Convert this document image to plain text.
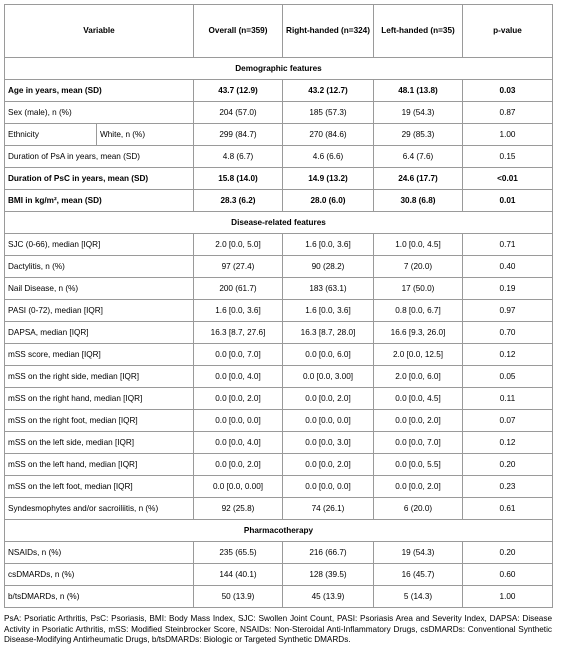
Variable		Overall (n=359)	Right-handed (n=324)	Left-handed (n=35)	p-value
Demographic features					
Age in years, mean (SD)		43.7 (12.9)	43.2 (12.7)	48.1 (13.8)	0.03
Sex (male), n (%)		204 (57.0)	185 (57.3)	19 (54.3)	0.87
Ethnicity	White, n (%)	299 (84.7)	270 (84.6)	29 (85.3)	1.00
Duration of PsA in years, mean (SD)		4.8 (6.7)	4.6 (6.6)	6.4 (7.6)	0.15
Duration of PsC in years, mean (SD)		15.8 (14.0)	14.9 (13.2)	24.6 (17.7)	<0.01
BMI in kg/m², mean (SD)		28.3 (6.2)	28.0 (6.0)	30.8 (6.8)	0.01
Disease-related features					
SJC (0-66), median [IQR]		2.0 [0.0, 5.0]	1.6 [0.0, 3.6]	1.0 [0.0, 4.5]	0.71
Dactylitis, n (%)		97 (27.4)	90 (28.2)	7 (20.0)	0.40
Nail Disease, n (%)		200 (61.7)	183 (63.1)	17 (50.0)	0.19
PASI (0-72), median [IQR]		1.6 [0.0, 3.6]	1.6 [0.0, 3.6]	0.8 [0.0, 6.7]	0.97
DAPSA, median [IQR]		16.3 [8.7, 27.6]	16.3 [8.7, 28.0]	16.6 [9.3, 26.0]	0.70
mSS score, median [IQR]		0.0 [0.0, 7.0]	0.0 [0.0, 6.0]	2.0 [0.0, 12.5]	0.12
mSS on the right side, median [IQR]		0.0 [0.0, 4.0]	0.0 [0.0, 3.00]	2.0 [0.0, 6.0]	0.05
mSS on the right hand, median [IQR]		0.0 [0.0, 2.0]	0.0 [0.0, 2.0]	0.0 [0.0, 4.5]	0.11
mSS on the right foot, median [IQR]		0.0 [0.0, 0.0]	0.0 [0.0, 0.0]	0.0 [0.0, 2.0]	0.07
mSS on the left side, median [IQR]		0.0 [0.0, 4.0]	0.0 [0.0, 3.0]	0.0 [0.0, 7.0]	0.12
mSS on the left hand, median [IQR]		0.0 [0.0, 2.0]	0.0 [0.0, 2.0]	0.0 [0.0, 5.5]	0.20
mSS on the left foot, median [IQR]		0.0 [0.0, 0.00]	0.0 [0.0, 0.0]	0.0 [0.0, 2.0]	0.23
Syndesmophytes and/or sacroiliitis, n (%)		92 (25.8)	74 (26.1)	6 (20.0)	0.61
Pharmacotherapy					
NSAIDs, n (%)		235 (65.5)	216 (66.7)	19 (54.3)	0.20
csDMARDs, n (%)		144 (40.1)	128 (39.5)	16 (45.7)	0.60
b/tsDMARDs, n (%)		50 (13.9)	45 (13.9)	5 (14.3)	1.00
PsA: Psoriatic Arthritis, PsC: Psoriasis, BMI: Body Mass Index, SJC: Swollen Joint Count, PASI: Psoriasis Area and Severity Index, DAPSA: Disease Activity in Psoriatic Arthritis, mSS: Modified Steinbrocker Score, NSAIDs: Non-Steroidal Anti-Inflammatory Drugs, csDMARDs: Conventional Synthetic Disease-Modifying Antirheumatic Drugs, b/tsDMARDs: Biologic or Targeted Synthetic DMARDs.
